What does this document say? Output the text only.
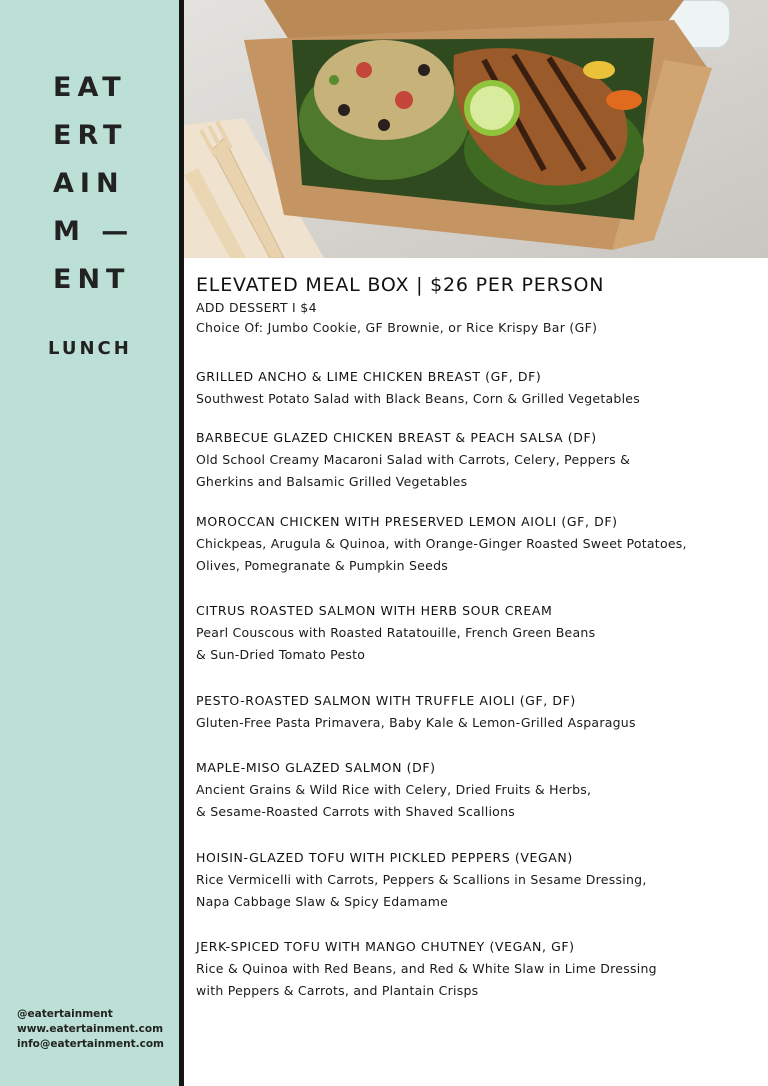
EAT
ERT
AIN
M —
ENT
LUNCH
@eatertainment
www.eatertainment.com
info@eatertainment.com
ELEVATED MEAL BOX | $26 PER PERSON
ADD DESSERT I $4
Choice Of: Jumbo Cookie, GF Brownie, or Rice Krispy Bar (GF)
GRILLED ANCHO & LIME CHICKEN BREAST (GF, DF)
Southwest Potato Salad with Black Beans, Corn & Grilled Vegetables
BARBECUE GLAZED CHICKEN BREAST & PEACH SALSA (DF)
Old School Creamy Macaroni Salad with Carrots, Celery, Peppers &
Gherkins and Balsamic Grilled Vegetables
MOROCCAN CHICKEN WITH PRESERVED LEMON AIOLI (GF, DF)
Chickpeas, Arugula & Quinoa, with Orange-Ginger Roasted Sweet Potatoes,
Olives, Pomegranate & Pumpkin Seeds
CITRUS ROASTED SALMON WITH HERB SOUR CREAM
Pearl Couscous with Roasted Ratatouille, French Green Beans
& Sun-Dried Tomato Pesto
PESTO-ROASTED SALMON WITH TRUFFLE AIOLI (GF, DF)
Gluten-Free Pasta Primavera, Baby Kale & Lemon-Grilled Asparagus
MAPLE-MISO GLAZED SALMON (DF)
Ancient Grains & Wild Rice with Celery, Dried Fruits & Herbs,
& Sesame-Roasted Carrots with Shaved Scallions
HOISIN-GLAZED TOFU WITH PICKLED PEPPERS (VEGAN)
Rice Vermicelli with Carrots, Peppers & Scallions in Sesame Dressing,
Napa Cabbage Slaw & Spicy Edamame
JERK-SPICED TOFU WITH MANGO CHUTNEY (VEGAN, GF)
Rice & Quinoa with Red Beans, and Red & White Slaw in Lime Dressing
with Peppers & Carrots, and Plantain Crisps
